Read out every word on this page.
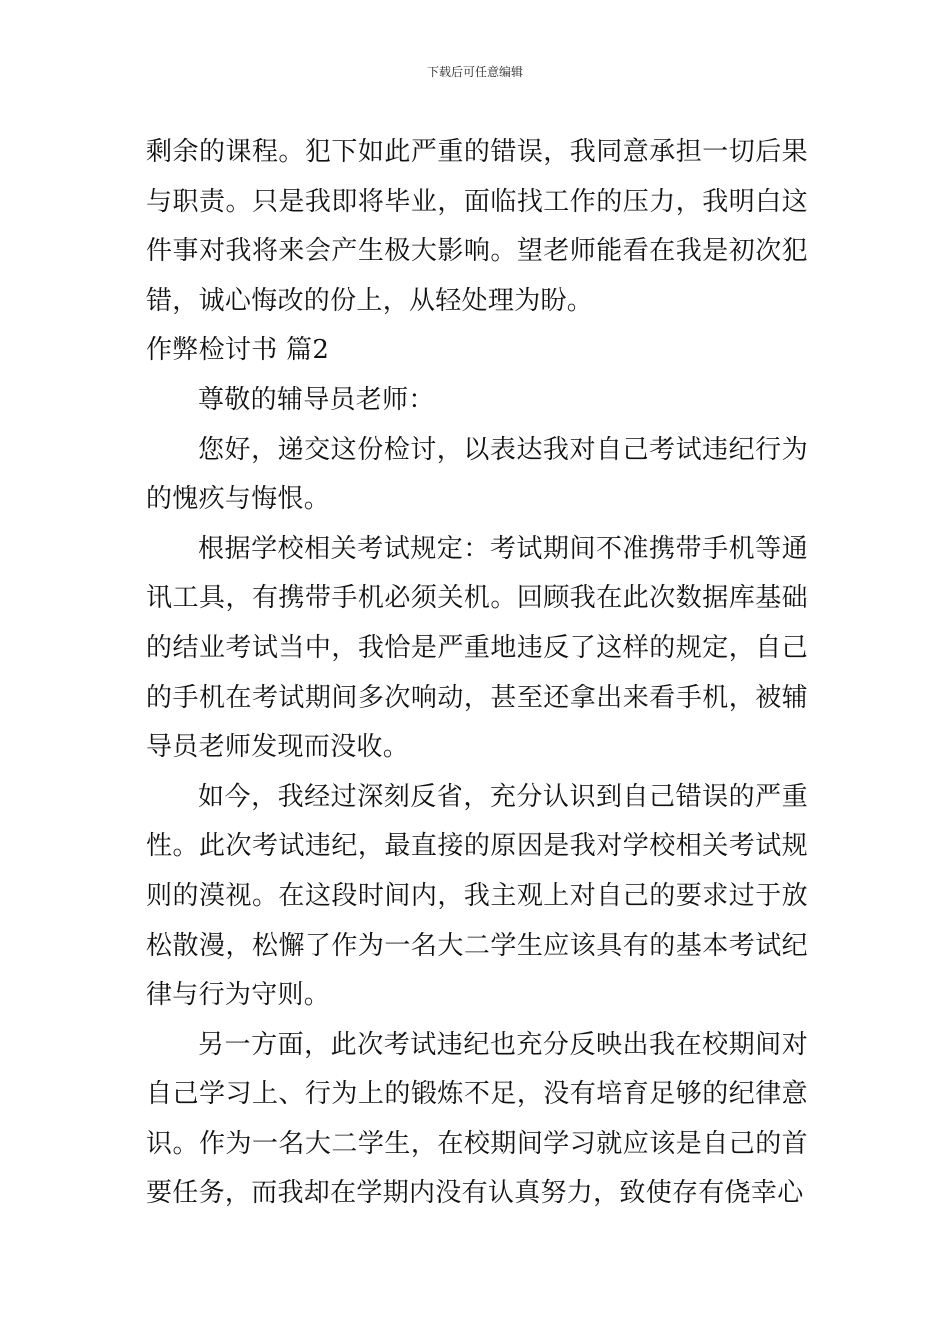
下载后可任意编辑

剩余的课程。犯下如此严重的错误，我同意承担一切后果与职责。只是我即将毕业，面临找工作的压力，我明白这件事对我将来会产生极大影响。望老师能看在我是初次犯错，诚心悔改的份上，从轻处理为盼。

作弊检讨书 篇2

尊敬的辅导员老师：

您好，递交这份检讨，以表达我对自己考试违纪行为的愧疚与悔恨。

根据学校相关考试规定：考试期间不准携带手机等通讯工具，有携带手机必须关机。回顾我在此次数据库基础的结业考试当中，我恰是严重地违反了这样的规定，自己的手机在考试期间多次响动，甚至还拿出来看手机，被辅导员老师发现而没收。

如今，我经过深刻反省，充分认识到自己错误的严重性。此次考试违纪，最直接的原因是我对学校相关考试规则的漠视。在这段时间内，我主观上对自己的要求过于放松散漫，松懈了作为一名大二学生应该具有的基本考试纪律与行为守则。

另一方面，此次考试违纪也充分反映出我在校期间对自己学习上、行为上的锻炼不足，没有培育足够的纪律意识。作为一名大二学生，在校期间学习就应该是自己的首要任务，而我却在学期内没有认真努力，致使存有侥幸心
